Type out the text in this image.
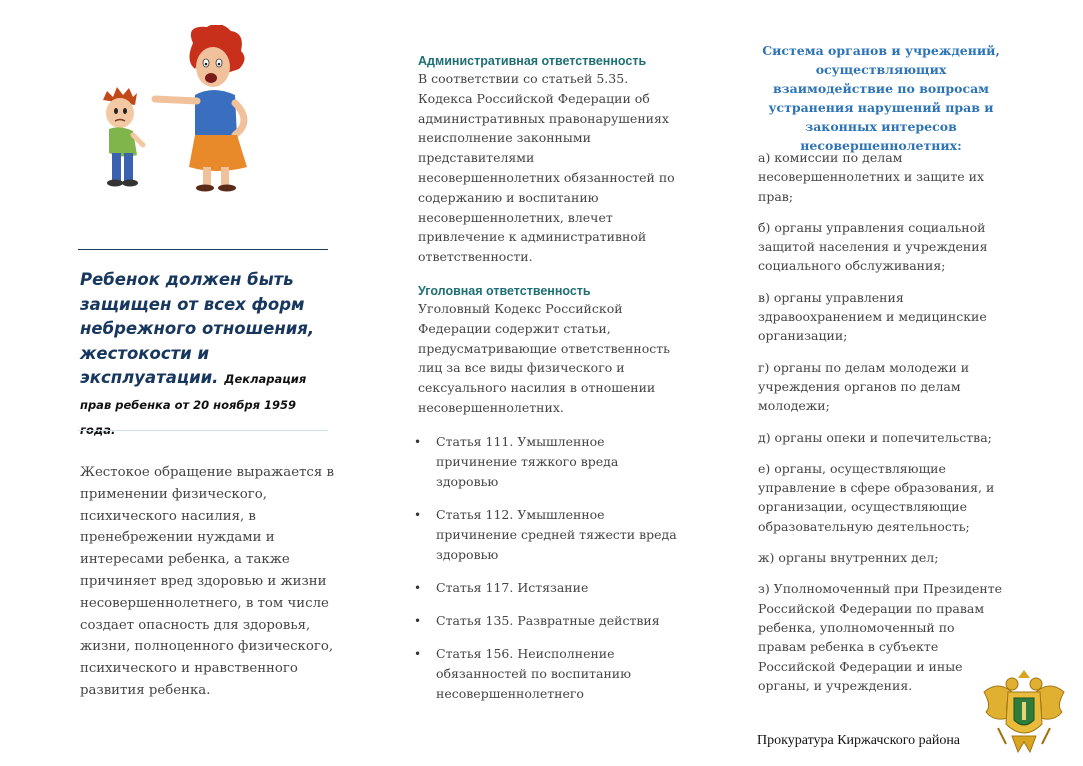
Ребенок должен быть защищен от всех форм небрежного отношения, жестокости и эксплуатации. Декларация прав ребенка от 20 ноября 1959 года.
Жестокое обращение выражается в применении физического, психического насилия, в пренебрежении нуждами и интересами ребенка, а также причиняет вред здоровью и жизни несовершеннолетнего, в том числе создает опасность для здоровья, жизни, полноценного физического, психического и нравственного развития ребенка.
Административная ответственность
В соответствии со статьей 5.35. Кодекса Российской Федерации об административных правонарушениях неисполнение законными представителями несовершеннолетних обязанностей по содержанию и воспитанию несовершеннолетних, влечет привлечение к административной ответственности.
Уголовная ответственность
Уголовный Кодекс Российской Федерации содержит статьи, предусматривающие ответственность лиц за все виды физического и сексуального насилия в отношении несовершеннолетних.
• Статья 111. Умышленное причинение тяжкого вреда здоровью
• Статья 112. Умышленное причинение средней тяжести вреда здоровью
• Статья 117. Истязание
• Статья 135. Развратные действия
• Статья 156. Неисполнение обязанностей по воспитанию несовершеннолетнего
Система органов и учреждений, осуществляющих взаимодействие по вопросам устранения нарушений прав и законных интересов несовершеннолетних:

а) комиссии по делам несовершеннолетних и защите их прав;

б) органы управления социальной защитой населения и учреждения социального обслуживания;

в) органы управления здравоохранением и медицинские организации;

г) органы по делам молодежи и учреждения органов по делам молодежи;

д) органы опеки и попечительства;

е) органы, осуществляющие управление в сфере образования, и организации, осуществляющие образовательную деятельность;

ж) органы внутренних дел;

з) Уполномоченный при Президенте Российской Федерации по правам ребенка, уполномоченный по правам ребенка в субъекте Российской Федерации и иные органы, и учреждения.

Прокуратура Киржачского района
